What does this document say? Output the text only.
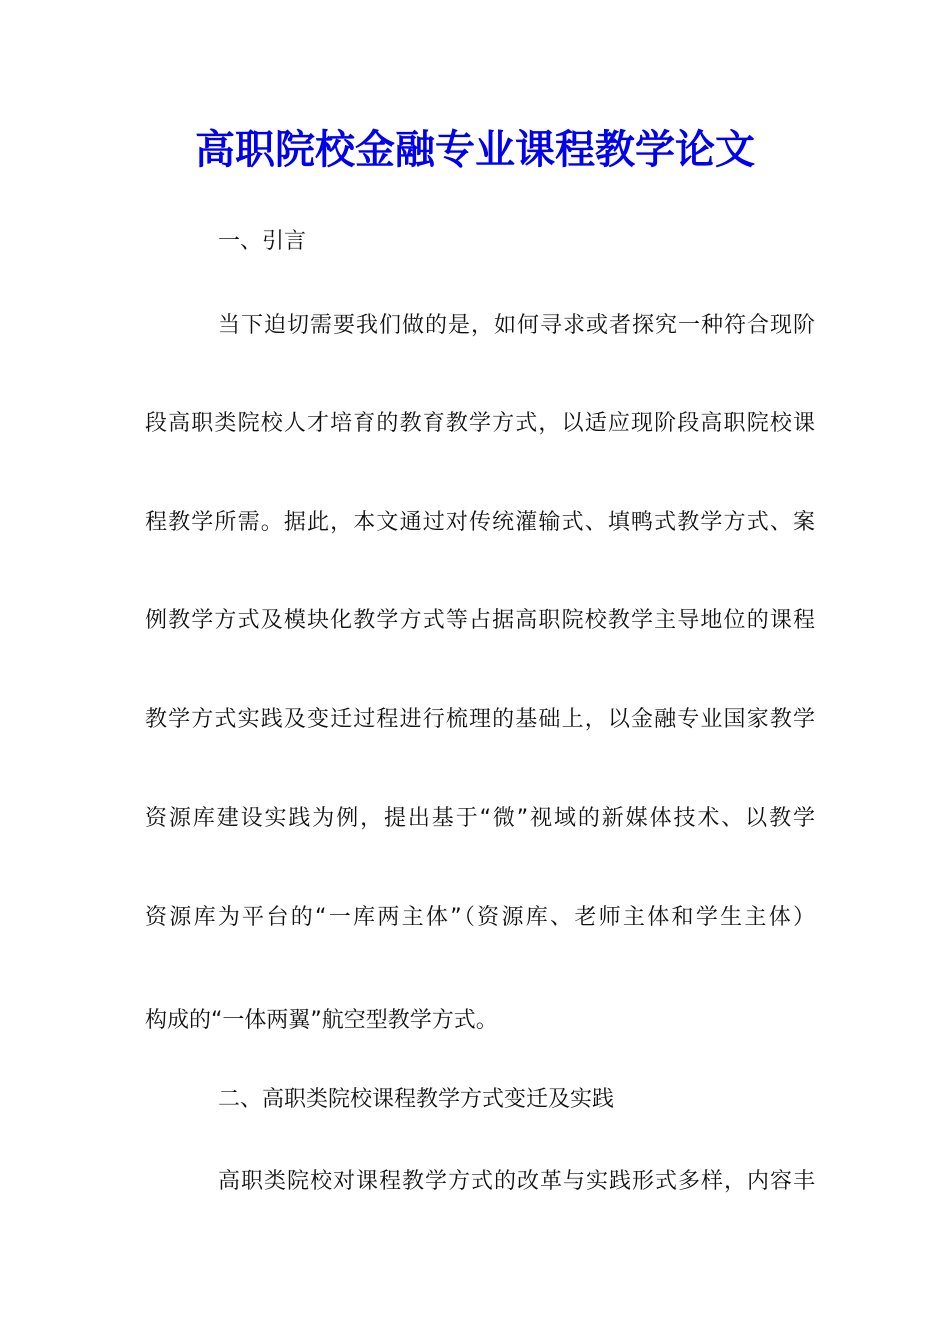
高职院校金融专业课程教学论文

一、引言

当下迫切需要我们做的是，如何寻求或者探究一种符合现阶

段高职类院校人才培育的教育教学方式，以适应现阶段高职院校课

程教学所需。据此，本文通过对传统灌输式、填鸭式教学方式、案

例教学方式及模块化教学方式等占据高职院校教学主导地位的课程

教学方式实践及变迁过程进行梳理的基础上，以金融专业国家教学

资源库建设实践为例，提出基于“微”视域的新媒体技术、以教学

资源库为平台的“一库两主体”（资源库、老师主体和学生主体）

构成的“一体两翼”航空型教学方式。

二、高职类院校课程教学方式变迁及实践

高职类院校对课程教学方式的改革与实践形式多样，内容丰
